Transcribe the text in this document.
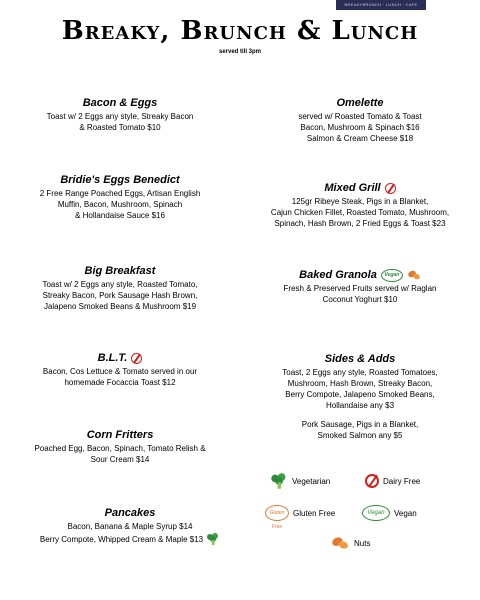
BREAKYBRUNCH · LUNCH · CAFE
Breaky, Brunch & Lunch
served till 3pm
Bacon & Eggs
Toast w/ 2 Eggs any style, Streaky Bacon
& Roasted Tomato $10
Bridie's Eggs Benedict
2 Free Range Poached Eggs, Artisan English
Muffin, Bacon, Mushroom, Spinach
& Hollandaise Sauce $16
Big Breakfast
Toast w/ 2 Eggs any style, Roasted Tomato,
Streaky Bacon, Pork Sausage Hash Brown,
Jalapeno Smoked Beans & Mushroom $19
B.L.T.
Bacon, Cos Lettuce & Tomato served in our
homemade Focaccia Toast $12
Corn Fritters
Poached Egg, Bacon, Spinach, Tomato Relish &
Sour Cream $14
Pancakes
Bacon, Banana & Maple Syrup $14
Berry Compote, Whipped Cream & Maple $13
Omelette
served w/ Roasted Tomato & Toast
Bacon, Mushroom & Spinach $16
Salmon & Cream Cheese $18
Mixed Grill
125gr Ribeye Steak, Pigs in a Blanket,
Cajun Chicken Fillet, Roasted Tomato, Mushroom,
Spinach, Hash Brown, 2 Fried Eggs & Toast $23
Baked Granola	Vegan
Fresh & Preserved Fruits served w/ Raglan
Coconut Yoghurt $10
Sides & Adds
Toast, 2 Eggs any style, Roasted Tomatoes,
Mushroom, Hash Brown, Streaky Bacon,
Berry Compote, Jalapeno Smoked Beans,
Hollandaise any $3
Pork Sausage, Pigs in a Blanket,
Smoked Salmon any $5
Vegetarian	Dairy Free
Gluten Free
Gluten Free	Vegan	Vegan
Nuts
